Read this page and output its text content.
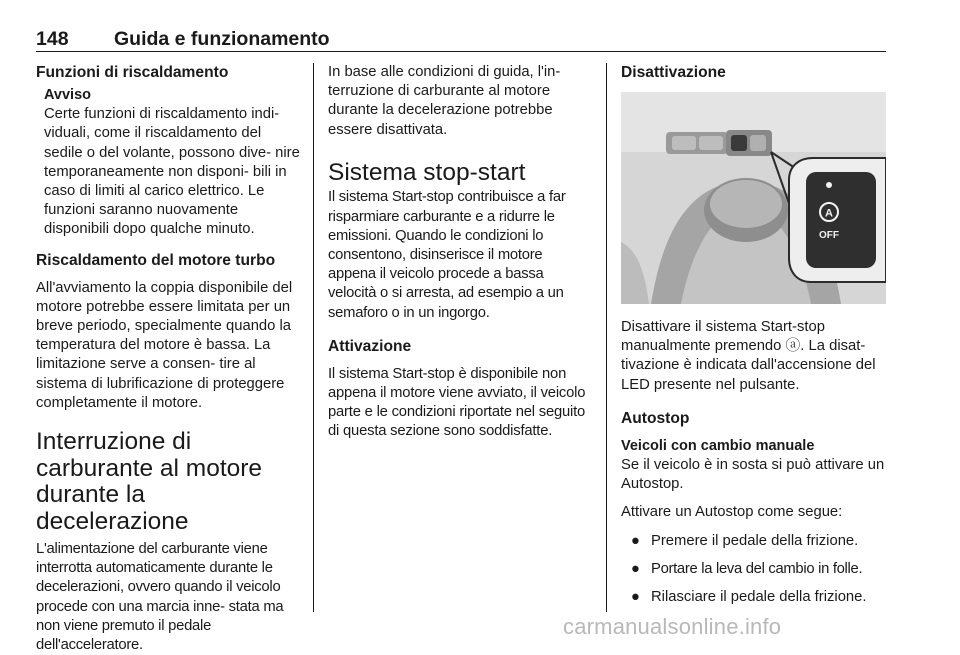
148 Guida e funzionamento

Funzioni di riscaldamento

Avviso

Certe funzioni di riscaldamento indi- viduali, come il riscaldamento del sedile o del volante, possono dive- nire temporaneamente non disponi- bili in caso di limiti al carico elettrico. Le funzioni saranno nuovamente disponibili dopo qualche minuto.

Riscaldamento del motore turbo

All'avviamento la coppia disponibile del motore potrebbe essere limitata per un breve periodo, specialmente quando la temperatura del motore è bassa. La limitazione serve a consen- tire al sistema di lubrificazione di proteggere completamente il motore.

Interruzione di carburante al motore durante la decelerazione

L'alimentazione del carburante viene interrotta automaticamente durante le decelerazioni, ovvero quando il veicolo procede con una marcia inne- stata ma non viene premuto il pedale dell'acceleratore.

In base alle condizioni di guida, l'in- terruzione di carburante al motore durante la decelerazione potrebbe essere disattivata.

Sistema stop-start

Il sistema Start-stop contribuisce a far risparmiare carburante e a ridurre le emissioni. Quando le condizioni lo consentono, disinserisce il motore appena il veicolo procede a bassa velocità o si arresta, ad esempio a un semaforo o in un ingorgo.

Attivazione

Il sistema Start-stop è disponibile non appena il motore viene avviato, il veicolo parte e le condizioni riportate nel seguito di questa sezione sono soddisfatte.

Disattivazione

A
OFF

Disattivare il sistema Start-stop manualmente premendo ⓐ. La disat- tivazione è indicata dall'accensione del LED presente nel pulsante.

Autostop

Veicoli con cambio manuale

Se il veicolo è in sosta si può attivare un Autostop.

Attivare un Autostop come segue:

● Premere il pedale della frizione.
● Portare la leva del cambio in folle.
● Rilasciare il pedale della frizione.
carmanualsonline.info
